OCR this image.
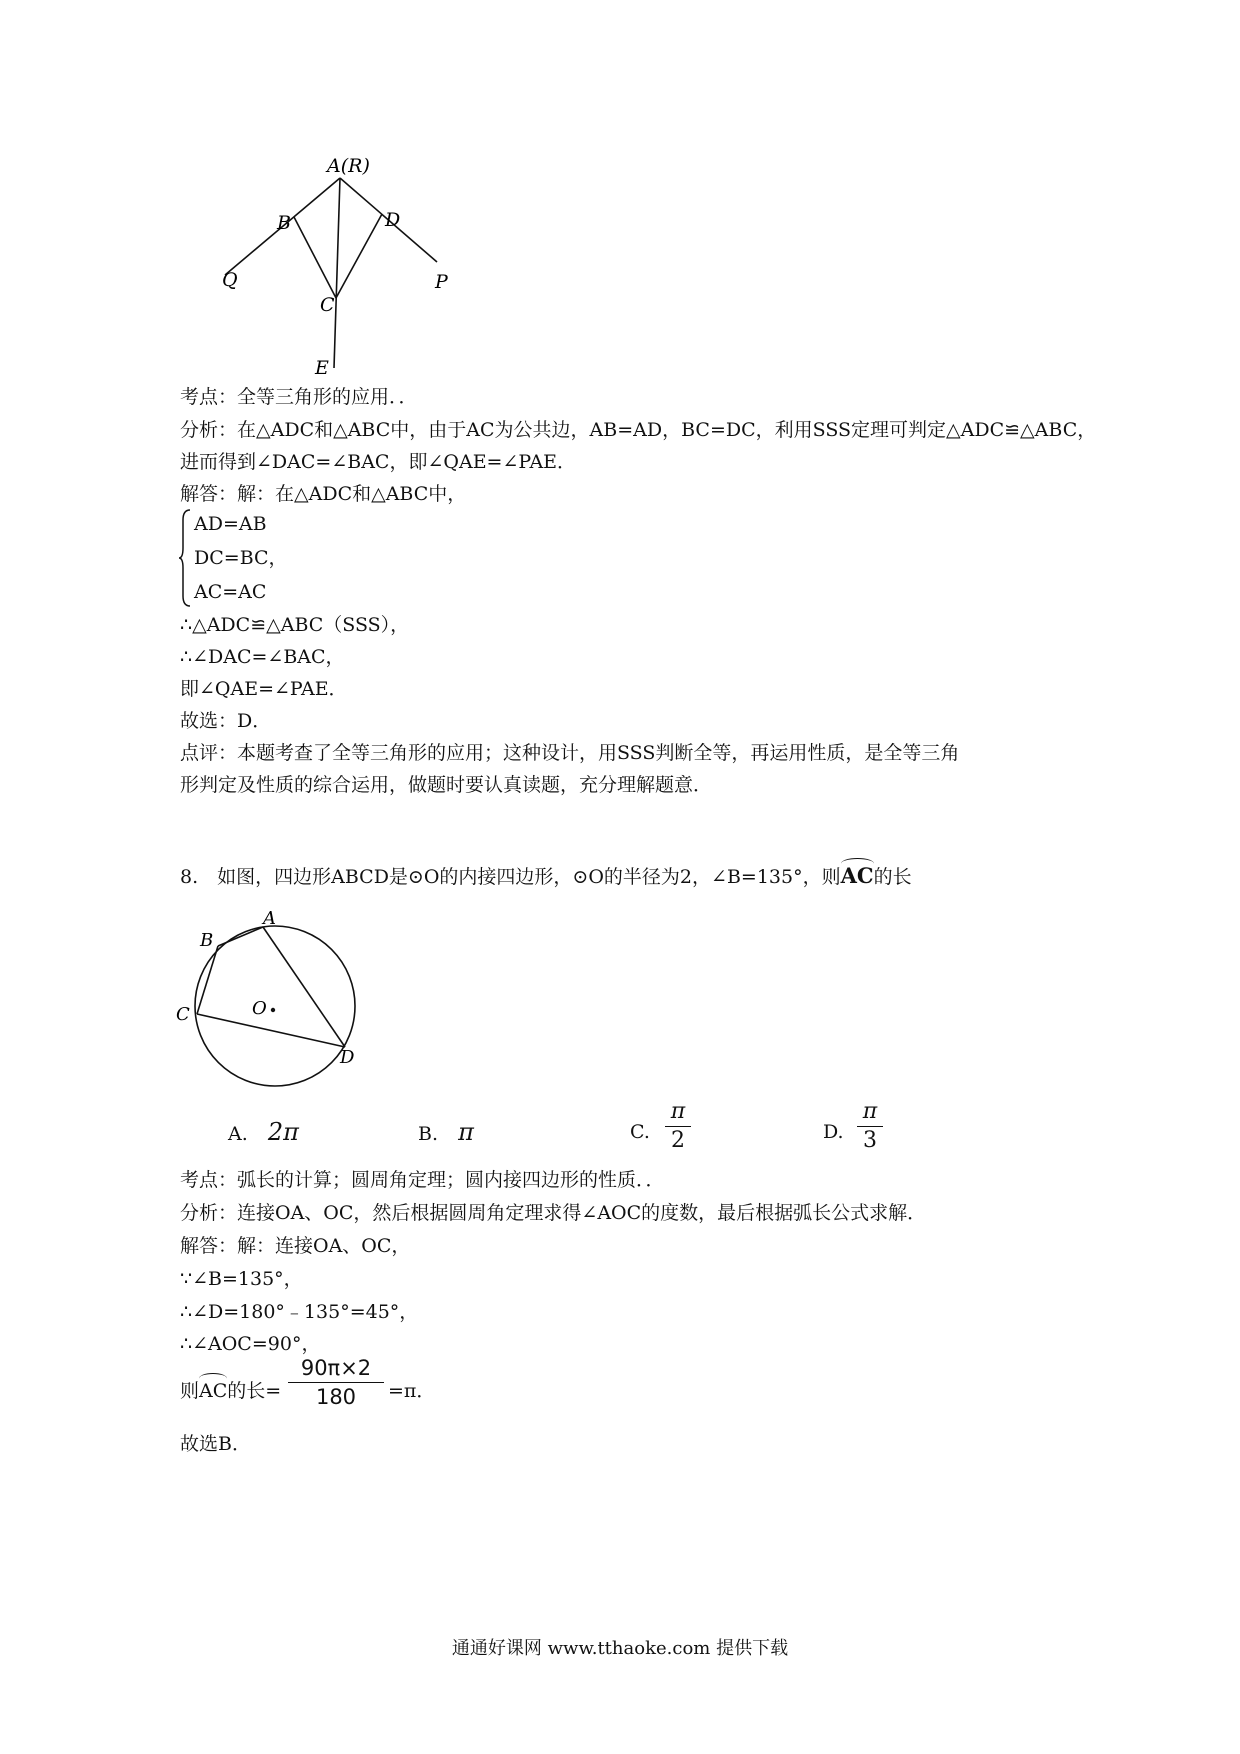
A(R)
B	D
Q	P
C
E
考点：全等三角形的应用．．
分析：在△ADC和△ABC中，由于AC为公共边，AB=AD，BC=DC，利用SSS定理可判定△ADC≌△ABC，
进而得到∠DAC=∠BAC，即∠QAE=∠PAE．
解答：解：在△ADC和△ABC中，
AD=AB
DC=BC，
AC=AC
∴△ADC≌△ABC（SSS），
∴∠DAC=∠BAC，
即∠QAE=∠PAE．
故选：D．
点评：本题考查了全等三角形的应用；这种设计，用SSS判断全等，再运用性质，是全等三角
形判定及性质的综合运用，做题时要认真读题，充分理解题意．
8.　如图，四边形ABCD是⊙O的内接四边形，⊙O的半径为2，∠B=135°，则
AC的长
A
B
C	O
D
A. 2π	B. π	C.
π
2	D.
π
3
考点：弧长的计算；圆周角定理；圆内接四边形的性质．．
分析：连接OA、OC，然后根据圆周角定理求得∠AOC的度数，最后根据弧长公式求解．
解答：解：连接OA、OC，
∵∠B=135°，
∴∠D=180°﹣135°=45°，
∴∠AOC=90°，
则
AC的长=
90π×2
180	=π．
故选B．
通通好课网 www.tthaoke.com 提供下载
